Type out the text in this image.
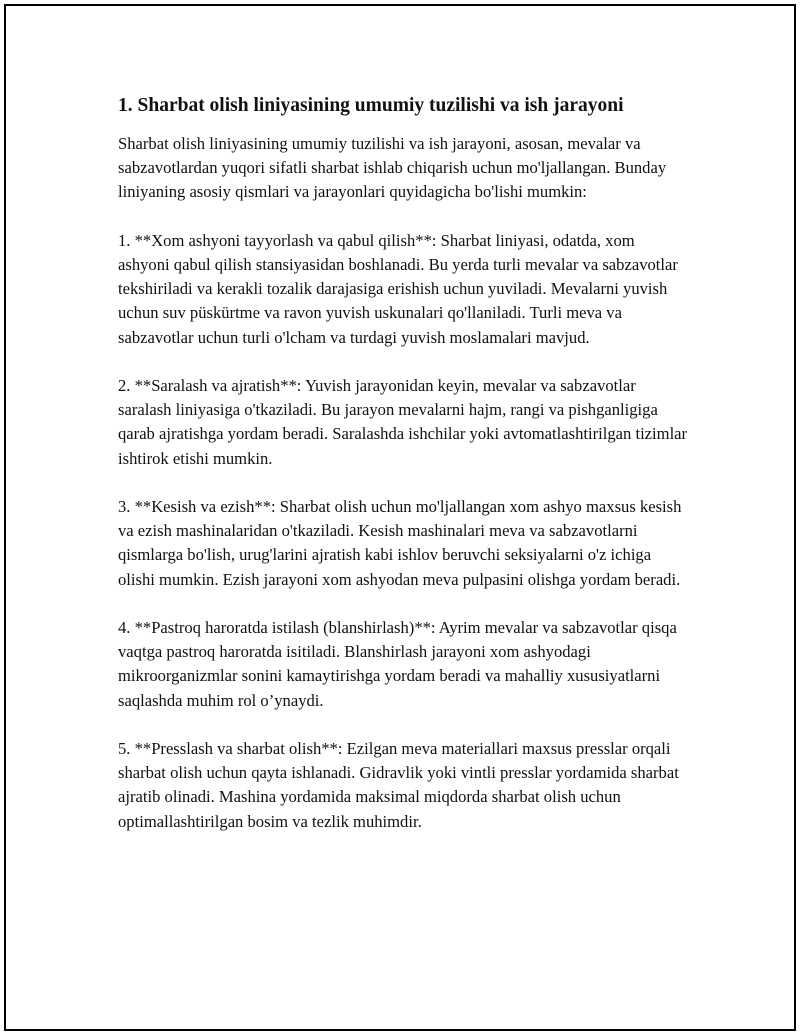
1. Sharbat olish liniyasining umumiy tuzilishi va ish jarayoni

Sharbat olish liniyasining umumiy tuzilishi va ish jarayoni, asosan, mevalar va sabzavotlardan yuqori sifatli sharbat ishlab chiqarish uchun mo'ljallangan. Bunday liniyaning asosiy qismlari va jarayonlari quyidagicha bo'lishi mumkin:

1. **Xom ashyoni tayyorlash va qabul qilish**: Sharbat liniyasi, odatda, xom ashyoni qabul qilish stansiyasidan boshlanadi. Bu yerda turli mevalar va sabzavotlar tekshiriladi va kerakli tozalik darajasiga erishish uchun yuviladi. Mevalarni yuvish uchun suv püskürtme va ravon yuvish uskunalari qo'llaniladi. Turli meva va sabzavotlar uchun turli o'lcham va turdagi yuvish moslamalari mavjud.

2. **Saralash va ajratish**: Yuvish jarayonidan keyin, mevalar va sabzavotlar saralash liniyasiga o'tkaziladi. Bu jarayon mevalarni hajm, rangi va pishganligiga qarab ajratishga yordam beradi. Saralashda ishchilar yoki avtomatlashtirilgan tizimlar ishtirok etishi mumkin.

3. **Kesish va ezish**: Sharbat olish uchun mo'ljallangan xom ashyo maxsus kesish va ezish mashinalaridan o'tkaziladi. Kesish mashinalari meva va sabzavotlarni qismlarga bo'lish, urug'larini ajratish kabi ishlov beruvchi seksiyalarni o'z ichiga olishi mumkin. Ezish jarayoni xom ashyodan meva pulpasini olishga yordam beradi.

4. **Pastroq haroratda istilash (blanshirlash)**: Ayrim mevalar va sabzavotlar qisqa vaqtga pastroq haroratda isitiladi. Blanshirlash jarayoni xom ashyodagi mikroorganizmlar sonini kamaytirishga yordam beradi va mahalliy xususiyatlarni saqlashda muhim rol o’ynaydi.

5. **Presslash va sharbat olish**: Ezilgan meva materiallari maxsus presslar orqali sharbat olish uchun qayta ishlanadi. Gidravlik yoki vintli presslar yordamida sharbat ajratib olinadi. Mashina yordamida maksimal miqdorda sharbat olish uchun optimallashtirilgan bosim va tezlik muhimdir.
